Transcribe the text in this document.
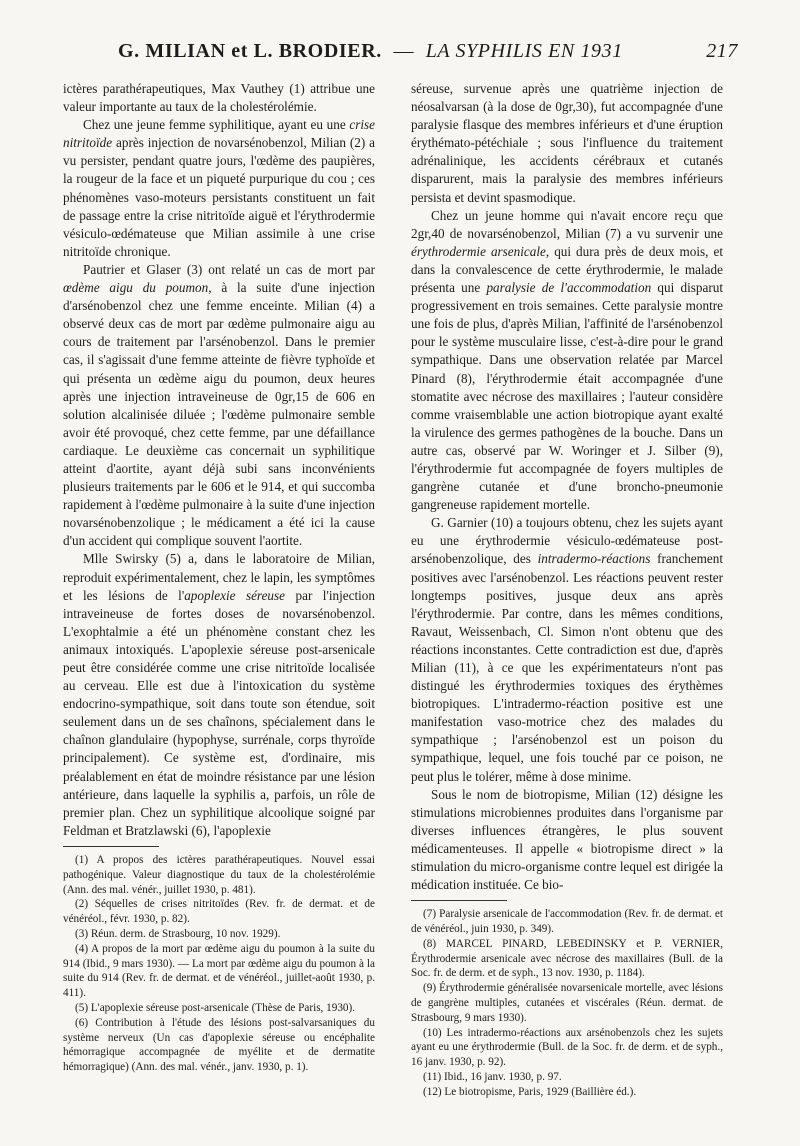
G. MILIAN et L. BRODIER. — LA SYPHILIS EN 1931	217

ictères parathérapeutiques, Max Vauthey (1) attribue une valeur importante au taux de la cholestérolémie.

Chez une jeune femme syphilitique, ayant eu une crise nitritoïde après injection de novarsénobenzol, Milian (2) a vu persister, pendant quatre jours, l'œdème des paupières, la rougeur de la face et un piqueté purpurique du cou ; ces phénomènes vaso-moteurs persistants constituent un fait de passage entre la crise nitritoïde aiguë et l'érythrodermie vésiculo-œdémateuse que Milian assimile à une crise nitritoïde chronique.

Pautrier et Glaser (3) ont relaté un cas de mort par œdème aigu du poumon, à la suite d'une injection d'arsénobenzol chez une femme enceinte. Milian (4) a observé deux cas de mort par œdème pulmonaire aigu au cours de traitement par l'arsénobenzol. Dans le premier cas, il s'agissait d'une femme atteinte de fièvre typhoïde et qui présenta un œdème aigu du poumon, deux heures après une injection intraveineuse de 0gr,15 de 606 en solution alcalinisée diluée ; l'œdème pulmonaire semble avoir été provoqué, chez cette femme, par une défaillance cardiaque. Le deuxième cas concernait un syphilitique atteint d'aortite, ayant déjà subi sans inconvénients plusieurs traitements par le 606 et le 914, et qui succomba rapidement à l'œdème pulmonaire à la suite d'une injection novarsénobenzolique ; le médicament a été ici la cause d'un accident qui complique souvent l'aortite.

Mlle Swirsky (5) a, dans le laboratoire de Milian, reproduit expérimentalement, chez le lapin, les symptômes et les lésions de l'apoplexie séreuse par l'injection intraveineuse de fortes doses de novarsénobenzol. L'exophtalmie a été un phénomène constant chez les animaux intoxiqués. L'apoplexie séreuse post-arsenicale peut être considérée comme une crise nitritoïde localisée au cerveau. Elle est due à l'intoxication du système endocrino-sympathique, soit dans toute son étendue, soit seulement dans un de ses chaînons, spécialement dans le chaînon glandulaire (hypophyse, surrénale, corps thyroïde principalement). Ce système est, d'ordinaire, mis préalablement en état de moindre résistance par une lésion antérieure, dans laquelle la syphilis a, parfois, un rôle de premier plan. Chez un syphilitique alcoolique soigné par Feldman et Bratzlawski (6), l'apoplexie

(1) A propos des ictères parathérapeutiques. Nouvel essai pathogénique. Valeur diagnostique du taux de la cholestérolémie (Ann. des mal. vénér., juillet 1930, p. 481).

(2) Séquelles de crises nitritoïdes (Rev. fr. de dermat. et de vénéréol., févr. 1930, p. 82).

(3) Réun. derm. de Strasbourg, 10 nov. 1929).

(4) A propos de la mort par œdème aigu du poumon à la suite du 914 (Ibid., 9 mars 1930). — La mort par œdème aigu du poumon à la suite du 914 (Rev. fr. de dermat. et de vénéréol., juillet-août 1930, p. 411).

(5) L'apoplexie séreuse post-arsenicale (Thèse de Paris, 1930).

(6) Contribution à l'étude des lésions post-salvarsaniques du système nerveux (Un cas d'apoplexie séreuse ou encéphalite hémorragique accompagnée de myélite et de dermatite hémorragique) (Ann. des mal. vénér., janv. 1930, p. 1).

séreuse, survenue après une quatrième injection de néosalvarsan (à la dose de 0gr,30), fut accompagnée d'une paralysie flasque des membres inférieurs et d'une éruption érythémato-pétéchiale ; sous l'influence du traitement adrénalinique, les accidents cérébraux et cutanés disparurent, mais la paralysie des membres inférieurs persista et devint spasmodique.

Chez un jeune homme qui n'avait encore reçu que 2gr,40 de novarsénobenzol, Milian (7) a vu survenir une érythrodermie arsenicale, qui dura près de deux mois, et dans la convalescence de cette érythrodermie, le malade présenta une paralysie de l'accommodation qui disparut progressivement en trois semaines. Cette paralysie montre une fois de plus, d'après Milian, l'affinité de l'arsénobenzol pour le système musculaire lisse, c'est-à-dire pour le grand sympathique. Dans une observation relatée par Marcel Pinard (8), l'érythrodermie était accompagnée d'une stomatite avec nécrose des maxillaires ; l'auteur considère comme vraisemblable une action biotropique ayant exalté la virulence des germes pathogènes de la bouche. Dans un autre cas, observé par W. Woringer et J. Silber (9), l'érythrodermie fut accompagnée de foyers multiples de gangrène cutanée et d'une broncho-pneumonie gangreneuse rapidement mortelle.

G. Garnier (10) a toujours obtenu, chez les sujets ayant eu une érythrodermie vésiculo-œdémateuse post-arsénobenzolique, des intradermo-réactions franchement positives avec l'arsénobenzol. Les réactions peuvent rester longtemps positives, jusque deux ans après l'érythrodermie. Par contre, dans les mêmes conditions, Ravaut, Weissenbach, Cl. Simon n'ont obtenu que des réactions inconstantes. Cette contradiction est due, d'après Milian (11), à ce que les expérimentateurs n'ont pas distingué les érythrodermies toxiques des érythèmes biotropiques. L'intradermo-réaction positive est une manifestation vaso-motrice chez des malades du sympathique ; l'arsénobenzol est un poison du sympathique, lequel, une fois touché par ce poison, ne peut plus le tolérer, même à dose minime.

Sous le nom de biotropisme, Milian (12) désigne les stimulations microbiennes produites dans l'organisme par diverses influences étrangères, le plus souvent médicamenteuses. Il appelle « biotropisme direct » la stimulation du micro-organisme contre lequel est dirigée la médication instituée. Ce bio-

(7) Paralysie arsenicale de l'accommodation (Rev. fr. de dermat. et de vénéréol., juin 1930, p. 349).

(8) MARCEL PINARD, LEBEDINSKY et P. VERNIER, Érythrodermie arsenicale avec nécrose des maxillaires (Bull. de la Soc. fr. de derm. et de syph., 13 nov. 1930, p. 1184).

(9) Érythrodermie généralisée novarsenicale mortelle, avec lésions de gangrène multiples, cutanées et viscérales (Réun. dermat. de Strasbourg, 9 mars 1930).

(10) Les intradermo-réactions aux arsénobenzols chez les sujets ayant eu une érythrodermie (Bull. de la Soc. fr. de derm. et de syph., 16 janv. 1930, p. 92).

(11) Ibid., 16 janv. 1930, p. 97.

(12) Le biotropisme, Paris, 1929 (Baillière éd.).
